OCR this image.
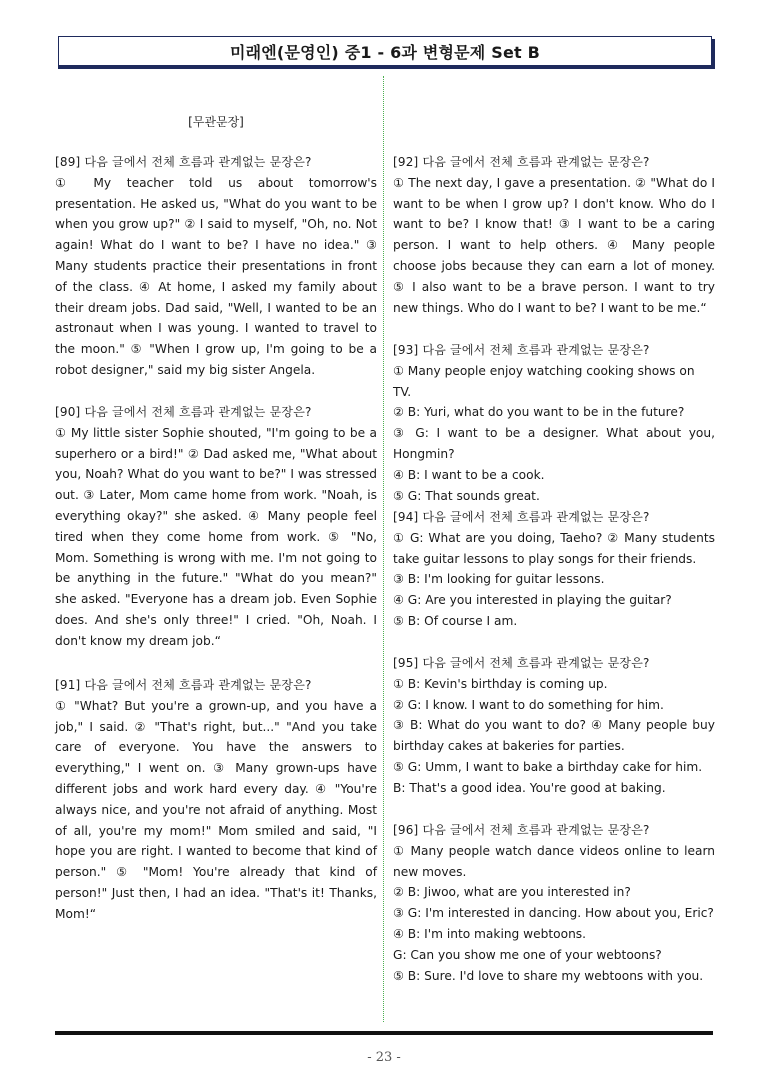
미래엔(문영인) 중1 - 6과 변형문제 Set B
[무관문장]
[89] 다음 글에서 전체 흐름과 관계없는 문장은?
① My teacher told us about tomorrow's presentation. He asked us, "What do you want to be when you grow up?" ② I said to myself, "Oh, no. Not again! What do I want to be? I have no idea." ③ Many students practice their presentations in front of the class. ④ At home, I asked my family about their dream jobs. Dad said, "Well, I wanted to be an astronaut when I was young. I wanted to travel to the moon." ⑤ "When I grow up, I'm going to be a robot designer," said my big sister Angela.
[90] 다음 글에서 전체 흐름과 관계없는 문장은?
① My little sister Sophie shouted, "I'm going to be a superhero or a bird!" ② Dad asked me, "What about you, Noah? What do you want to be?" I was stressed out. ③ Later, Mom came home from work. "Noah, is everything okay?" she asked. ④ Many people feel tired when they come home from work. ⑤ "No, Mom. Something is wrong with me. I'm not going to be anything in the future." "What do you mean?" she asked. "Everyone has a dream job. Even Sophie does. And she's only three!" I cried. "Oh, Noah. I don't know my dream job.“
[91] 다음 글에서 전체 흐름과 관계없는 문장은?
① "What? But you're a grown-up, and you have a job," I said. ② "That's right, but..." "And you take care of everyone. You have the answers to everything," I went on. ③ Many grown-ups have different jobs and work hard every day. ④ "You're always nice, and you're not afraid of anything. Most of all, you're my mom!" Mom smiled and said, "I hope you are right. I wanted to become that kind of person." ⑤ "Mom! You're already that kind of person!" Just then, I had an idea. "That's it! Thanks, Mom!“
[92] 다음 글에서 전체 흐름과 관계없는 문장은?
① The next day, I gave a presentation. ② "What do I want to be when I grow up? I don't know. Who do I want to be? I know that! ③ I want to be a caring person. I want to help others. ④ Many people choose jobs because they can earn a lot of money. ⑤ I also want to be a brave person. I want to try new things. Who do I want to be? I want to be me.“
[93] 다음 글에서 전체 흐름과 관계없는 문장은?
① Many people enjoy watching cooking shows on TV.
② B: Yuri, what do you want to be in the future?
③ G: I want to be a designer. What about you, Hongmin?
④ B: I want to be a cook.
⑤ G: That sounds great.
[94] 다음 글에서 전체 흐름과 관계없는 문장은?
① G: What are you doing, Taeho? ② Many students take guitar lessons to play songs for their friends.
③ B: I'm looking for guitar lessons.
④ G: Are you interested in playing the guitar?
⑤ B: Of course I am.
[95] 다음 글에서 전체 흐름과 관계없는 문장은?
① B: Kevin's birthday is coming up.
② G: I know. I want to do something for him.
③ B: What do you want to do? ④ Many people buy birthday cakes at bakeries for parties.
⑤ G: Umm, I want to bake a birthday cake for him.
B: That's a good idea. You're good at baking.
[96] 다음 글에서 전체 흐름과 관계없는 문장은?
① Many people watch dance videos online to learn new moves.
② B: Jiwoo, what are you interested in?
③ G: I'm interested in dancing. How about you, Eric?
④ B: I'm into making webtoons.
G: Can you show me one of your webtoons?
⑤ B: Sure. I'd love to share my webtoons with you.
- 23 -
